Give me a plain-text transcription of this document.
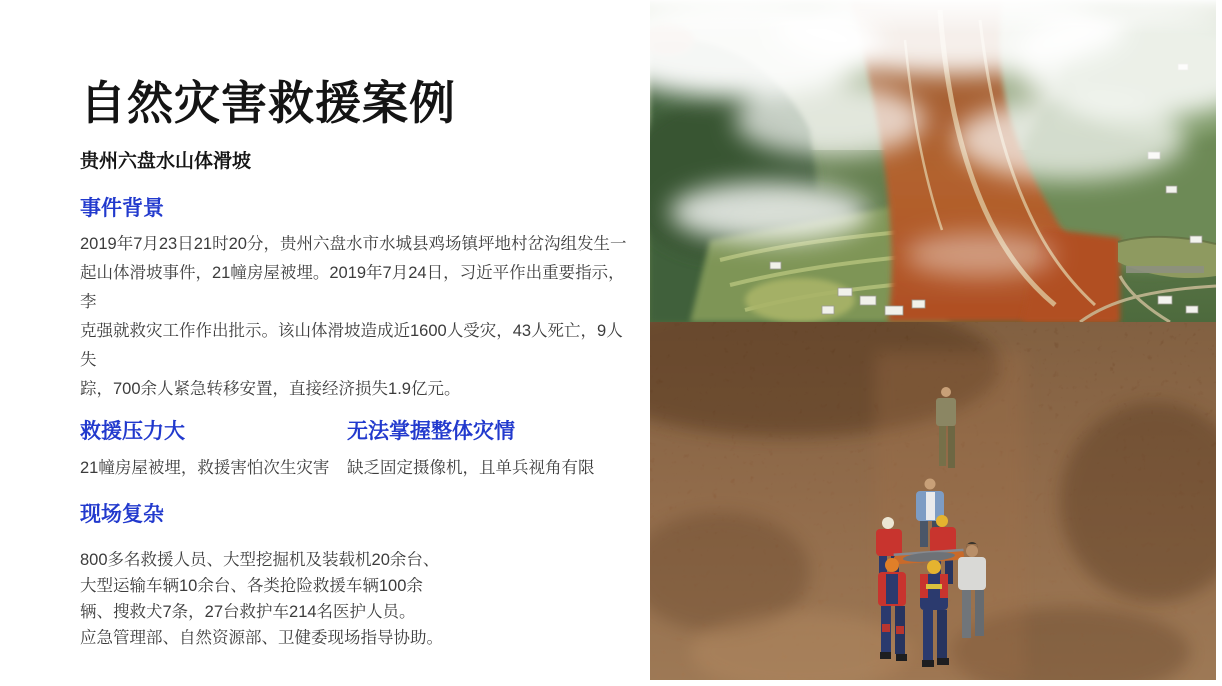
自然灾害救援案例
贵州六盘水山体滑坡
事件背景
2019年7月23日21时20分，贵州六盘水市水城县鸡场镇坪地村岔沟组发生一
起山体滑坡事件，21幢房屋被埋。2019年7月24日，习近平作出重要指示，李
克强就救灾工作作出批示。该山体滑坡造成近1600人受灾，43人死亡，9人失
踪，700余人紧急转移安置，直接经济损失1.9亿元。
救援压力大
21幢房屋被埋，救援害怕次生灾害
无法掌握整体灾情
缺乏固定摄像机，且单兵视角有限
现场复杂
800多名救援人员、大型挖掘机及装载机20余台、
大型运输车辆10余台、各类抢险救援车辆100余
辆、搜救犬7条，27台救护车214名医护人员。
应急管理部、自然资源部、卫健委现场指导协助。
